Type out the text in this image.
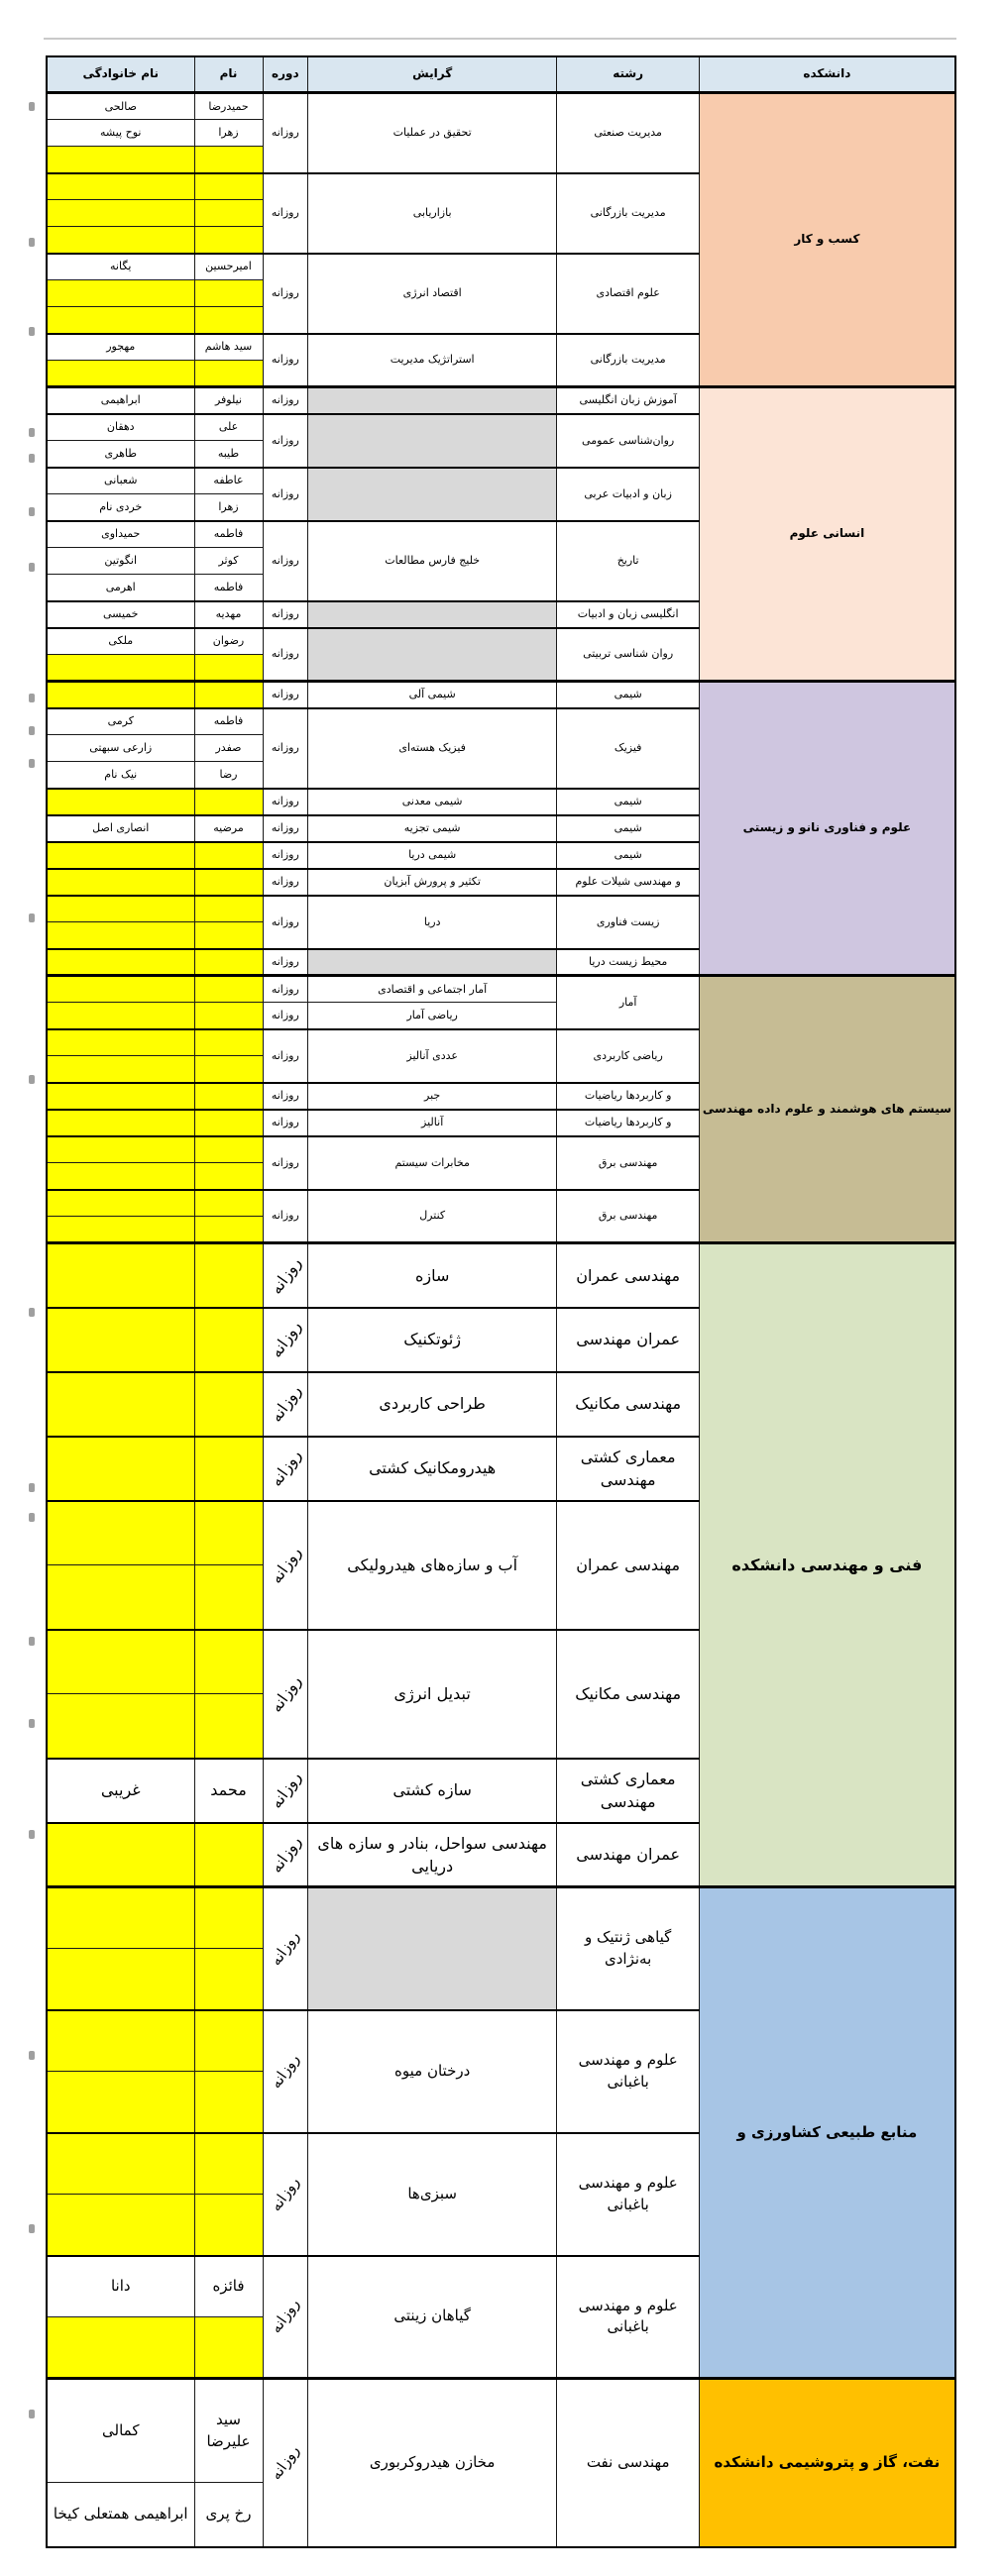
دانشکده	رشته	گرایش	دوره	نام	نام خانوادگی
کسب و کار	مدیریت صنعتی	تحقیق در عملیات	روزانه	حمیدرضا	صالحی
				زهرا	نوح پیشه

	مدیریت بازرگانی	بازاریابی	روزانه		

	علوم اقتصادی	اقتصاد انرژی	روزانه	امیرحسین	یگانه

	مدیریت بازرگانی	استراتژیک مدیریت	روزانه	سید هاشم	مهجور

انسانی علوم	آموزش زبان انگلیسی		روزانه	نیلوفر	ابراهیمی
	روان‌شناسی عمومی		روزانه	علی	دهقان
				طیبه	طاهری
	زبان و ادبیات عربی		روزانه	عاطفه	شعبانی
				زهرا	خردی نام
	تاریخ	خلیج فارس مطالعات	روزانه	فاطمه	حمیداوی
				کوثر	انگوتین
				فاطمه	اهرمی
	انگلیسی زبان و ادبیات		روزانه	مهدیه	خمیسی
	روان شناسی تربیتی		روزانه	رضوان	ملکی

علوم و فناوری نانو و زیستی	شیمی	شیمی آلی	روزانه		
	فیزیک	فیزیک هسته‌ای	روزانه	فاطمه	کرمی
				صفدر	زارعی سبهتی
				رضا	نیک نام
	شیمی	شیمی معدنی	روزانه		
	شیمی	شیمی تجزیه	روزانه	مرضیه	انصاری اصل
	شیمی	شیمی دریا	روزانه		
	و مهندسی شیلات علوم	تکثیر و پرورش آبزیان	روزانه		
	زیست فناوری	دریا	روزانه		

	محیط زیست دریا		روزانه		
سیستم های هوشمند و علوم داده مهندسی	آمار	آمار اجتماعی و اقتصادی	روزانه		
		ریاضی آمار	روزانه		
	ریاضی کاربردی	عددی آنالیز	روزانه		

	و کاربردها ریاضیات	جبر	روزانه		
	و کاربردها ریاضیات	آنالیز	روزانه		
	مهندسی برق	مخابرات سیستم	روزانه		

	مهندسی برق	کنترل	روزانه		

فنی و مهندسی دانشکده	مهندسی عمران	سازه	روزانه		
	عمران مهندسی	ژئوتکنیک	روزانه		
	مهندسی مکانیک	طراحی کاربردی	روزانه		
	معماری کشتی مهندسی	هیدرومکانیک کشتی	روزانه		
	مهندسی عمران	آب و سازه‌های هیدرولیکی	روزانه		

	مهندسی مکانیک	تبدیل انرژی	روزانه		

	معماری کشتی مهندسی	سازه کشتی	روزانه	محمد	غریبی
	عمران مهندسی	مهندسی سواحل، بنادر و سازه های دریایی	روزانه		
منابع طبیعی کشاورزی و	گیاهی ژنتیک و به‌نژادی		روزانه		

	علوم و مهندسی باغبانی	درختان میوه	روزانه		

	علوم و مهندسی باغبانی	سبزی‌ها	روزانه		

	علوم و مهندسی باغبانی	گیاهان زینتی	روزانه	فائزه	دانا

نفت، گاز و پتروشیمی دانشکده	مهندسی نفت	مخازن هیدروکربوری	روزانه	سید علیرضا	کمالی
				رخ پری	ابراهیمی همتعلی کیخا
